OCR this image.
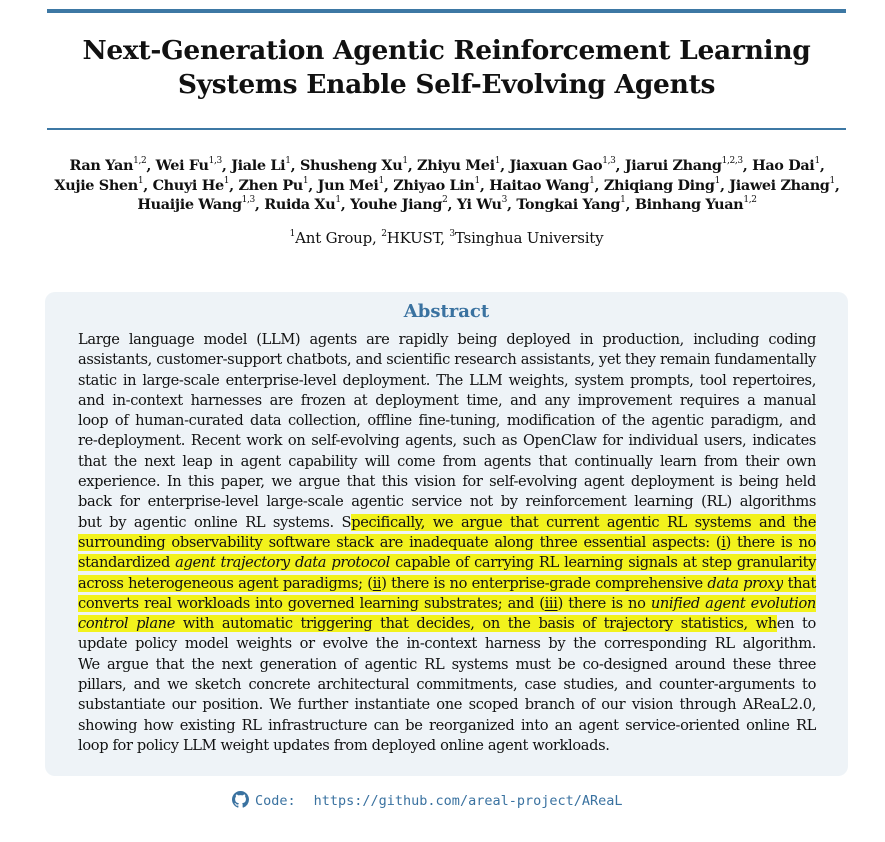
Next-Generation Agentic Reinforcement Learning
Systems Enable Self-Evolving Agents
Ran Yan$^{1,2}$, Wei Fu$^{1,3}$, Jiale Li$^1$, Shusheng Xu$^1$, Zhiyu Mei$^1$, Jiaxuan Gao$^{1,3}$, Jiarui Zhang$^{1,2,3}$, Hao Dai$^1$,
Xujie Shen$^1$, Chuyi He$^1$, Zhen Pu$^1$, Jun Mei$^1$, Zhiyao Lin$^1$, Haitao Wang$^1$, Zhiqiang Ding$^1$, Jiawei Zhang$^1$,
Huaijie Wang$^{1,3}$, Ruida Xu$^1$, Youhe Jiang$^2$, Yi Wu$^3$, Tongkai Yang$^1$, Binhang Yuan$^{1,2}$
$^1$Ant Group, $^2$HKUST, $^3$Tsinghua University
Abstract
Large language model (LLM) agents are rapidly being deployed in production, including coding
assistants, customer-support chatbots, and scientific research assistants, yet they remain fundamentally
static in large-scale enterprise-level deployment. The LLM weights, system prompts, tool repertoires,
and in-context harnesses are frozen at deployment time, and any improvement requires a manual
loop of human-curated data collection, offline fine-tuning, modification of the agentic paradigm, and
re-deployment. Recent work on self-evolving agents, such as OpenClaw for individual users, indicates
that the next leap in agent capability will come from agents that continually learn from their own
experience. In this paper, we argue that this vision for self-evolving agent deployment is being held
back for enterprise-level large-scale agentic service not by reinforcement learning (RL) algorithms
but by agentic online RL systems. Specifically, we argue that current agentic RL systems and the
surrounding observability software stack are inadequate along three essential aspects: (i) there is no
standardized agent trajectory data protocol capable of carrying RL learning signals at step granularity
across heterogeneous agent paradigms; (ii) there is no enterprise-grade comprehensive data proxy that
converts real workloads into governed learning substrates; and (iii) there is no unified agent evolution
control plane with automatic triggering that decides, on the basis of trajectory statistics, when to
update policy model weights or evolve the in-context harness by the corresponding RL algorithm.
We argue that the next generation of agentic RL systems must be co-designed around these three
pillars, and we sketch concrete architectural commitments, case studies, and counter-arguments to
substantiate our position. We further instantiate one scoped branch of our vision through AReaL2.0,
showing how existing RL infrastructure can be reorganized into an agent service-oriented online RL
loop for policy LLM weight updates from deployed online agent workloads.
Code: https://github.com/areal-project/AReaL
